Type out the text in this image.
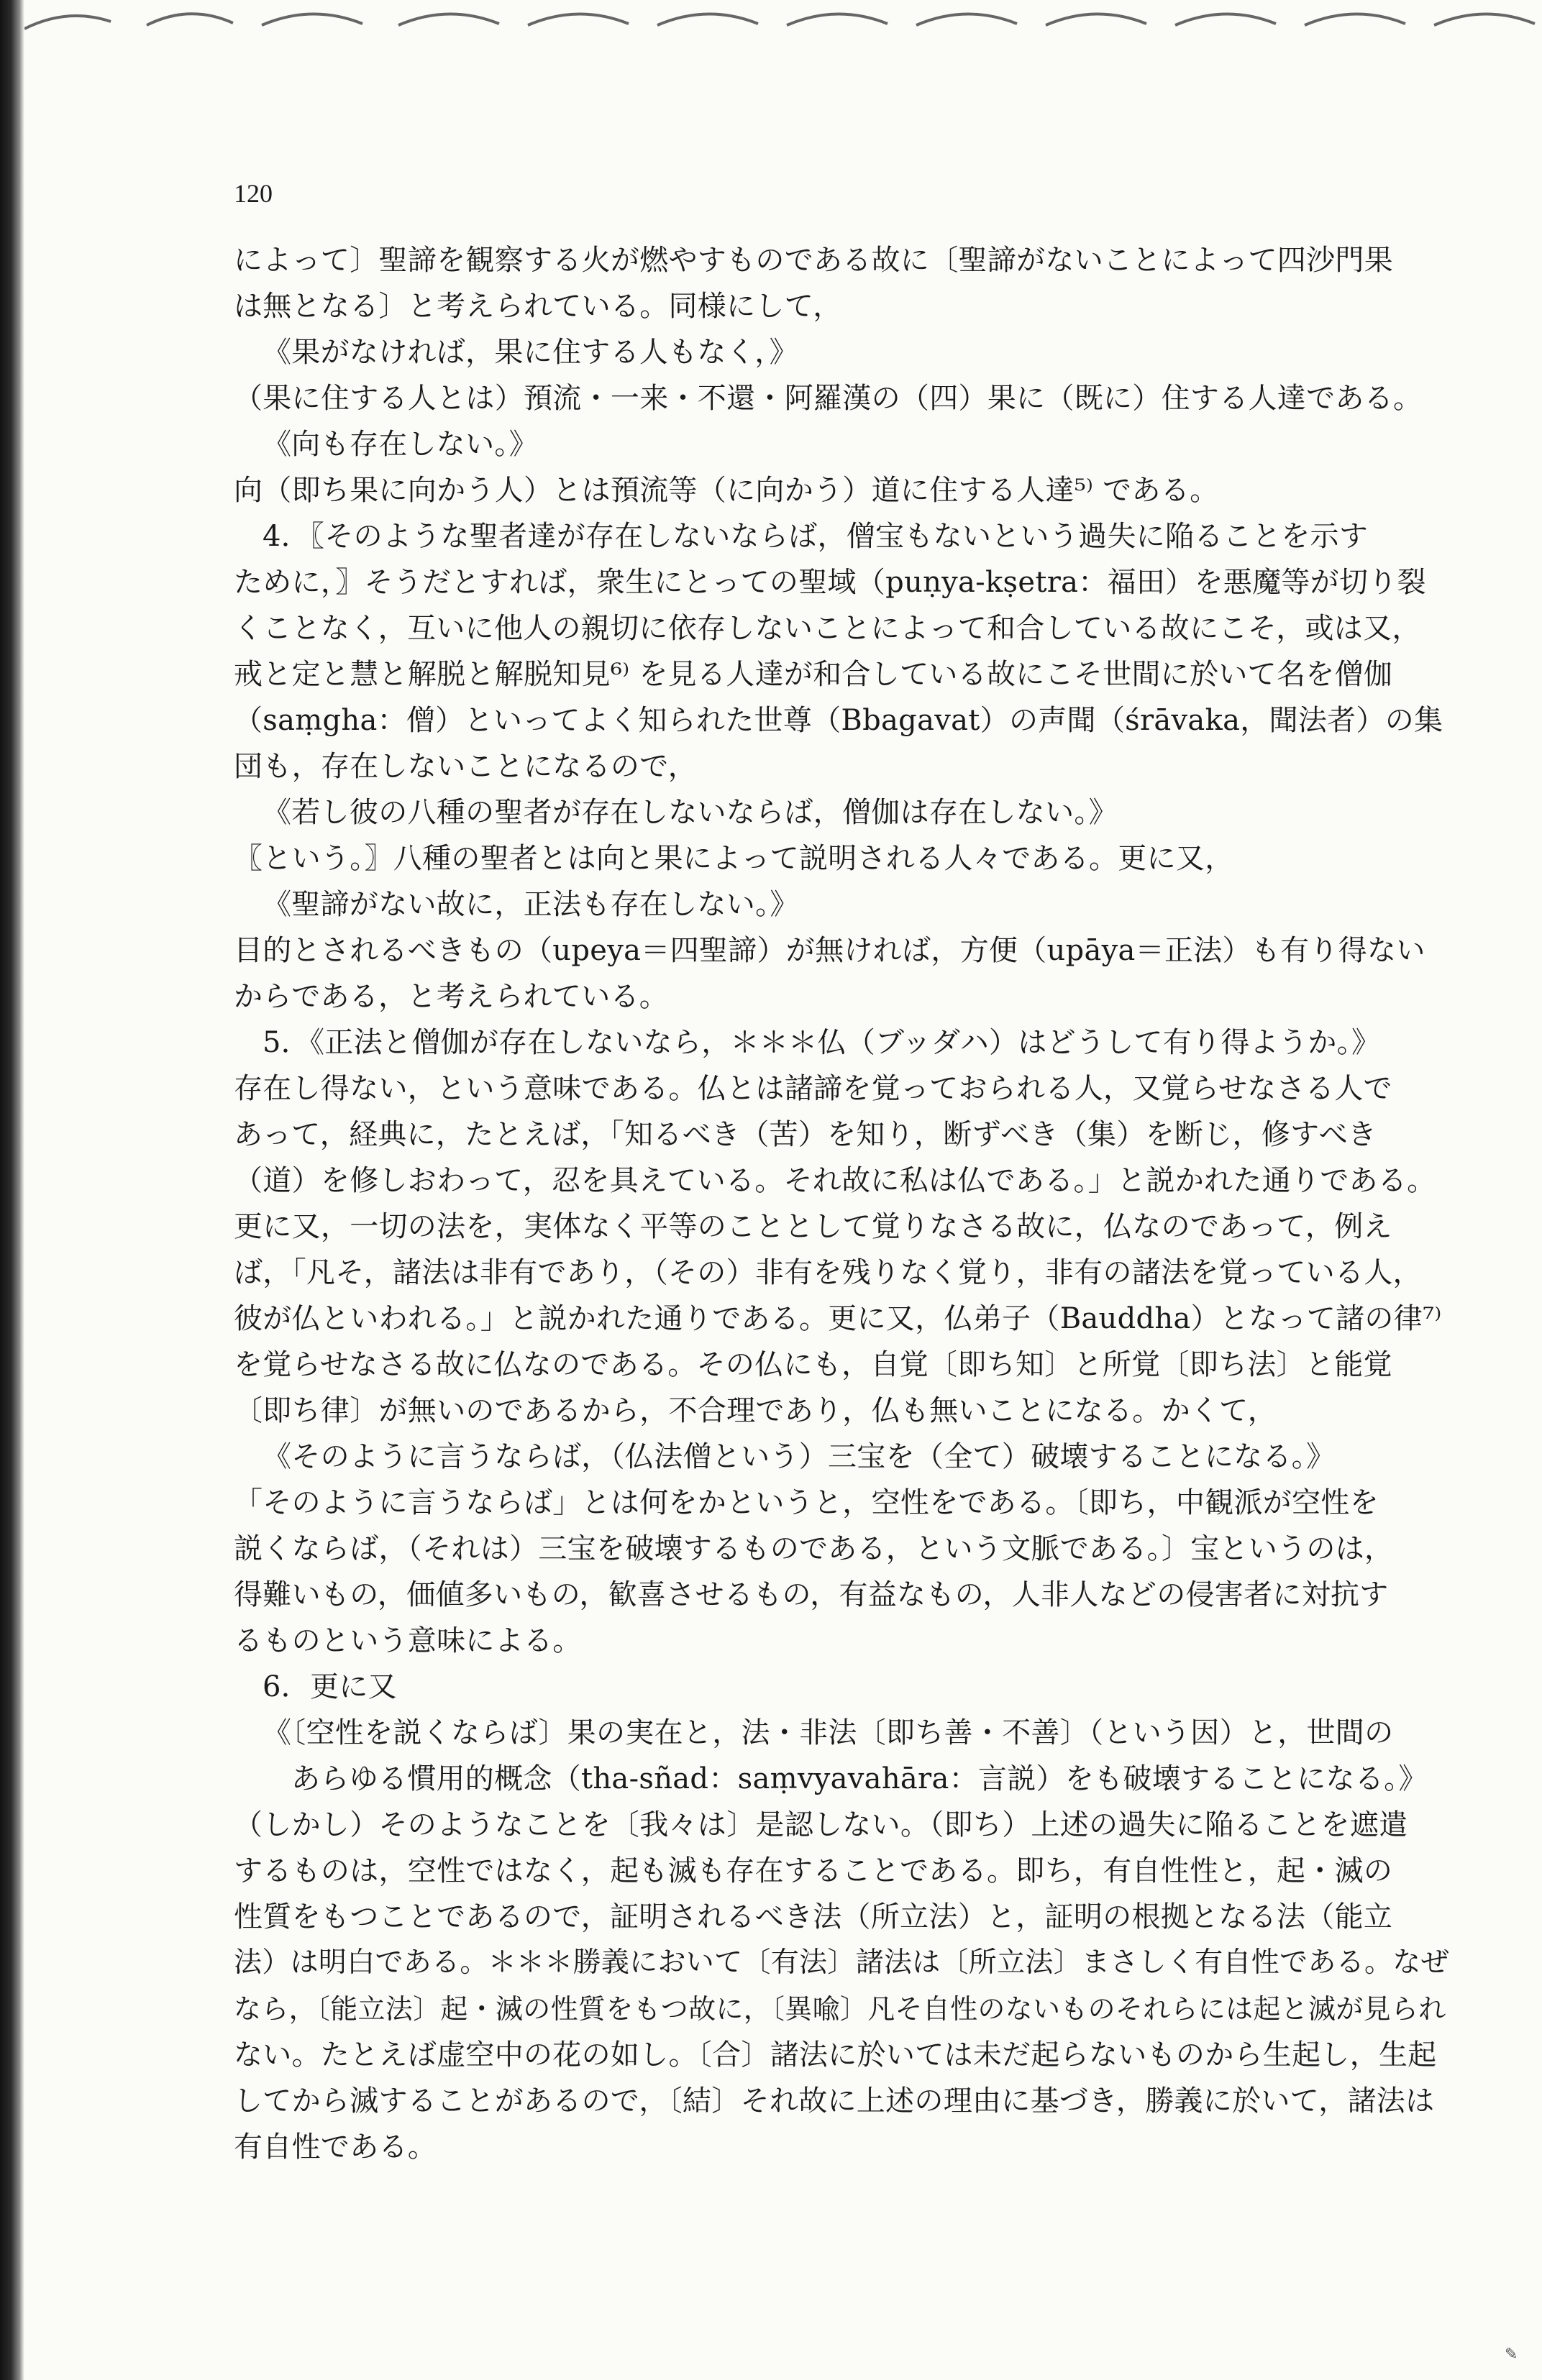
120
によって〕聖諦を観察する火が燃やすものである故に〔聖諦がないことによって四沙門果
は無となる〕と考えられている。同様にして，
《果がなければ，果に住する人もなく，》
（果に住する人とは）預流・一来・不還・阿羅漢の（四）果に（既に）住する人達である。
《向も存在しない。》
向（即ち果に向かう人）とは預流等（に向かう）道に住する人達⁵⁾ である。
4．〖そのような聖者達が存在しないならば，僧宝もないという過失に陥ることを示す
ために，〗そうだとすれば，衆生にとっての聖域（puṇya-kṣetra：福田）を悪魔等が切り裂
くことなく，互いに他人の親切に依存しないことによって和合している故にこそ，或は又，
戒と定と慧と解脱と解脱知見⁶⁾ を見る人達が和合している故にこそ世間に於いて名を僧伽
（saṃgha：僧）といってよく知られた世尊（Bbagavat）の声聞（śrāvaka，聞法者）の集
団も，存在しないことになるので，
《若し彼の八種の聖者が存在しないならば，僧伽は存在しない。》
〖という。〗八種の聖者とは向と果によって説明される人々である。更に又，
《聖諦がない故に，正法も存在しない。》
目的とされるべきもの（upeya＝四聖諦）が無ければ，方便（upāya＝正法）も有り得ない
からである，と考えられている。
5．《正法と僧伽が存在しないなら，＊＊＊仏（ブッダハ）はどうして有り得ようか。》
存在し得ない，という意味である。仏とは諸諦を覚っておられる人，又覚らせなさる人で
あって，経典に，たとえば，「知るべき（苦）を知り，断ずべき（集）を断じ，修すべき
（道）を修しおわって，忍を具えている。それ故に私は仏である。」と説かれた通りである。
更に又，一切の法を，実体なく平等のこととして覚りなさる故に，仏なのであって，例え
ば，「凡そ，諸法は非有であり，（その）非有を残りなく覚り，非有の諸法を覚っている人，
彼が仏といわれる。」と説かれた通りである。更に又，仏弟子（Bauddha）となって諸の律⁷⁾
を覚らせなさる故に仏なのである。その仏にも，自覚〔即ち知〕と所覚〔即ち法〕と能覚
〔即ち律〕が無いのであるから，不合理であり，仏も無いことになる。かくて，
《そのように言うならば，（仏法僧という）三宝を（全て）破壊することになる。》
「そのように言うならば」とは何をかというと，空性をである。〔即ち，中観派が空性を
説くならば，（それは）三宝を破壊するものである，という文脈である。〕宝というのは，
得難いもの，価値多いもの，歓喜させるもの，有益なもの，人非人などの侵害者に対抗す
るものという意味による。
6．更に又
《〔空性を説くならば〕果の実在と，法・非法〔即ち善・不善〕（という因）と，世間の
あらゆる慣用的概念（tha-sñad：saṃvyavahāra：言説）をも破壊することになる。》
（しかし）そのようなことを〔我々は〕是認しない。（即ち）上述の過失に陥ることを遮遣
するものは，空性ではなく，起も滅も存在することである。即ち，有自性性と，起・滅の
性質をもつことであるので，証明されるべき法（所立法）と，証明の根拠となる法（能立
法）は明白である。＊＊＊勝義において〔有法〕諸法は〔所立法〕まさしく有自性である。なぜ
なら，〔能立法〕起・滅の性質をもつ故に，〔異喩〕凡そ自性のないものそれらには起と滅が見られ
ない。たとえば虚空中の花の如し。〔合〕諸法に於いては未だ起らないものから生起し，生起
してから滅することがあるので，〔結〕それ故に上述の理由に基づき，勝義に於いて，諸法は
有自性である。
✎
